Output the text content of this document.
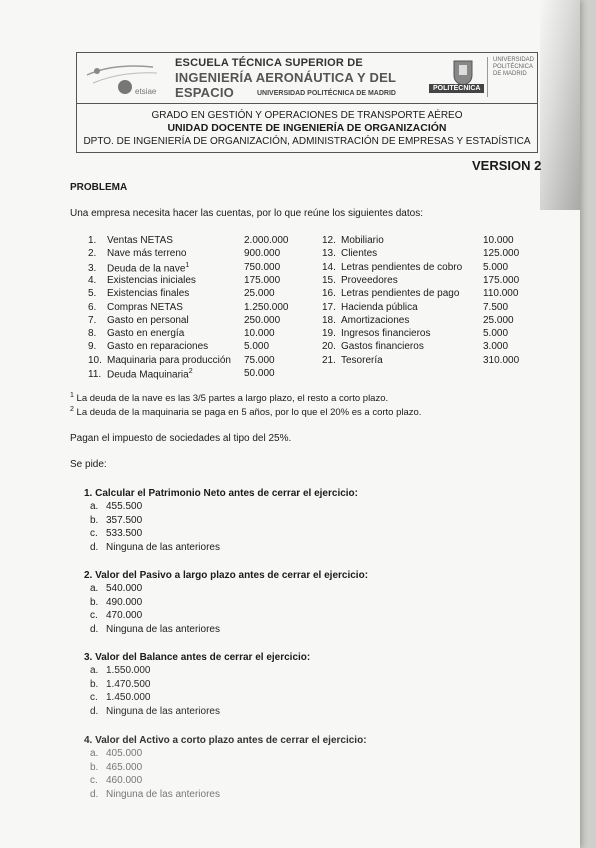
etsiae
ESCUELA TÉCNICA SUPERIOR DE
INGENIERÍA AERONÁUTICA Y DEL ESPACIO	UNIVERSIDAD POLITÉCNICA DE MADRID
POLITÉCNICA
UNIVERSIDAD POLITÉCNICA DE MADRID
GRADO EN GESTIÓN Y OPERACIONES DE TRANSPORTE AÉREO
UNIDAD DOCENTE DE INGENIERÍA DE ORGANIZACIÓN
DPTO. DE INGENIERÍA DE ORGANIZACIÓN, ADMINISTRACIÓN DE EMPRESAS Y ESTADÍSTICA
VERSION 2
PROBLEMA
Una empresa necesita hacer las cuentas, por lo que reúne los siguientes datos:
Pagan el impuesto de sociedades al tipo del 25%.
Se pide:
1. Ventas NETAS	2.000.000
2. Nave más terreno	900.000
3. Deuda de la nave$^1$	750.000
4. Existencias iniciales	175.000
5. Existencias finales	25.000
6. Compras NETAS	1.250.000
7. Gasto en personal	250.000
8. Gasto en energía	10.000
9. Gasto en reparaciones	5.000
10. Maquinaria para producción 75.000
11. Deuda Maquinaria$^2$	50.000
12. Mobiliario	10.000
13. Clientes	125.000
14. Letras pendientes de cobro 5.000
15. Proveedores	175.000
16. Letras pendientes de pago 110.000
17. Hacienda pública	7.500
18. Amortizaciones	25.000
19. Ingresos financieros	5.000
20. Gastos financieros	3.000
21. Tesorería	310.000
$^1$ La deuda de la nave es las 3/5 partes a largo plazo, el resto a corto plazo.
$^2$ La deuda de la maquinaria se paga en 5 años, por lo que el 20% es a corto plazo.
1. Calcular el Patrimonio Neto antes de cerrar el ejercicio:
a. 455.500
b. 357.500
c. 533.500
d. Ninguna de las anteriores
2. Valor del Pasivo a largo plazo antes de cerrar el ejercicio:
a. 540.000
b. 490.000
c. 470.000
d. Ninguna de las anteriores
3. Valor del Balance antes de cerrar el ejercicio:
a. 1.550.000
b. 1.470.500
c. 1.450.000
d. Ninguna de las anteriores
4. Valor del Activo a corto plazo antes de cerrar el ejercicio:
a. 405.000
b. 465.000
c. 460.000
d. Ninguna de las anteriores
